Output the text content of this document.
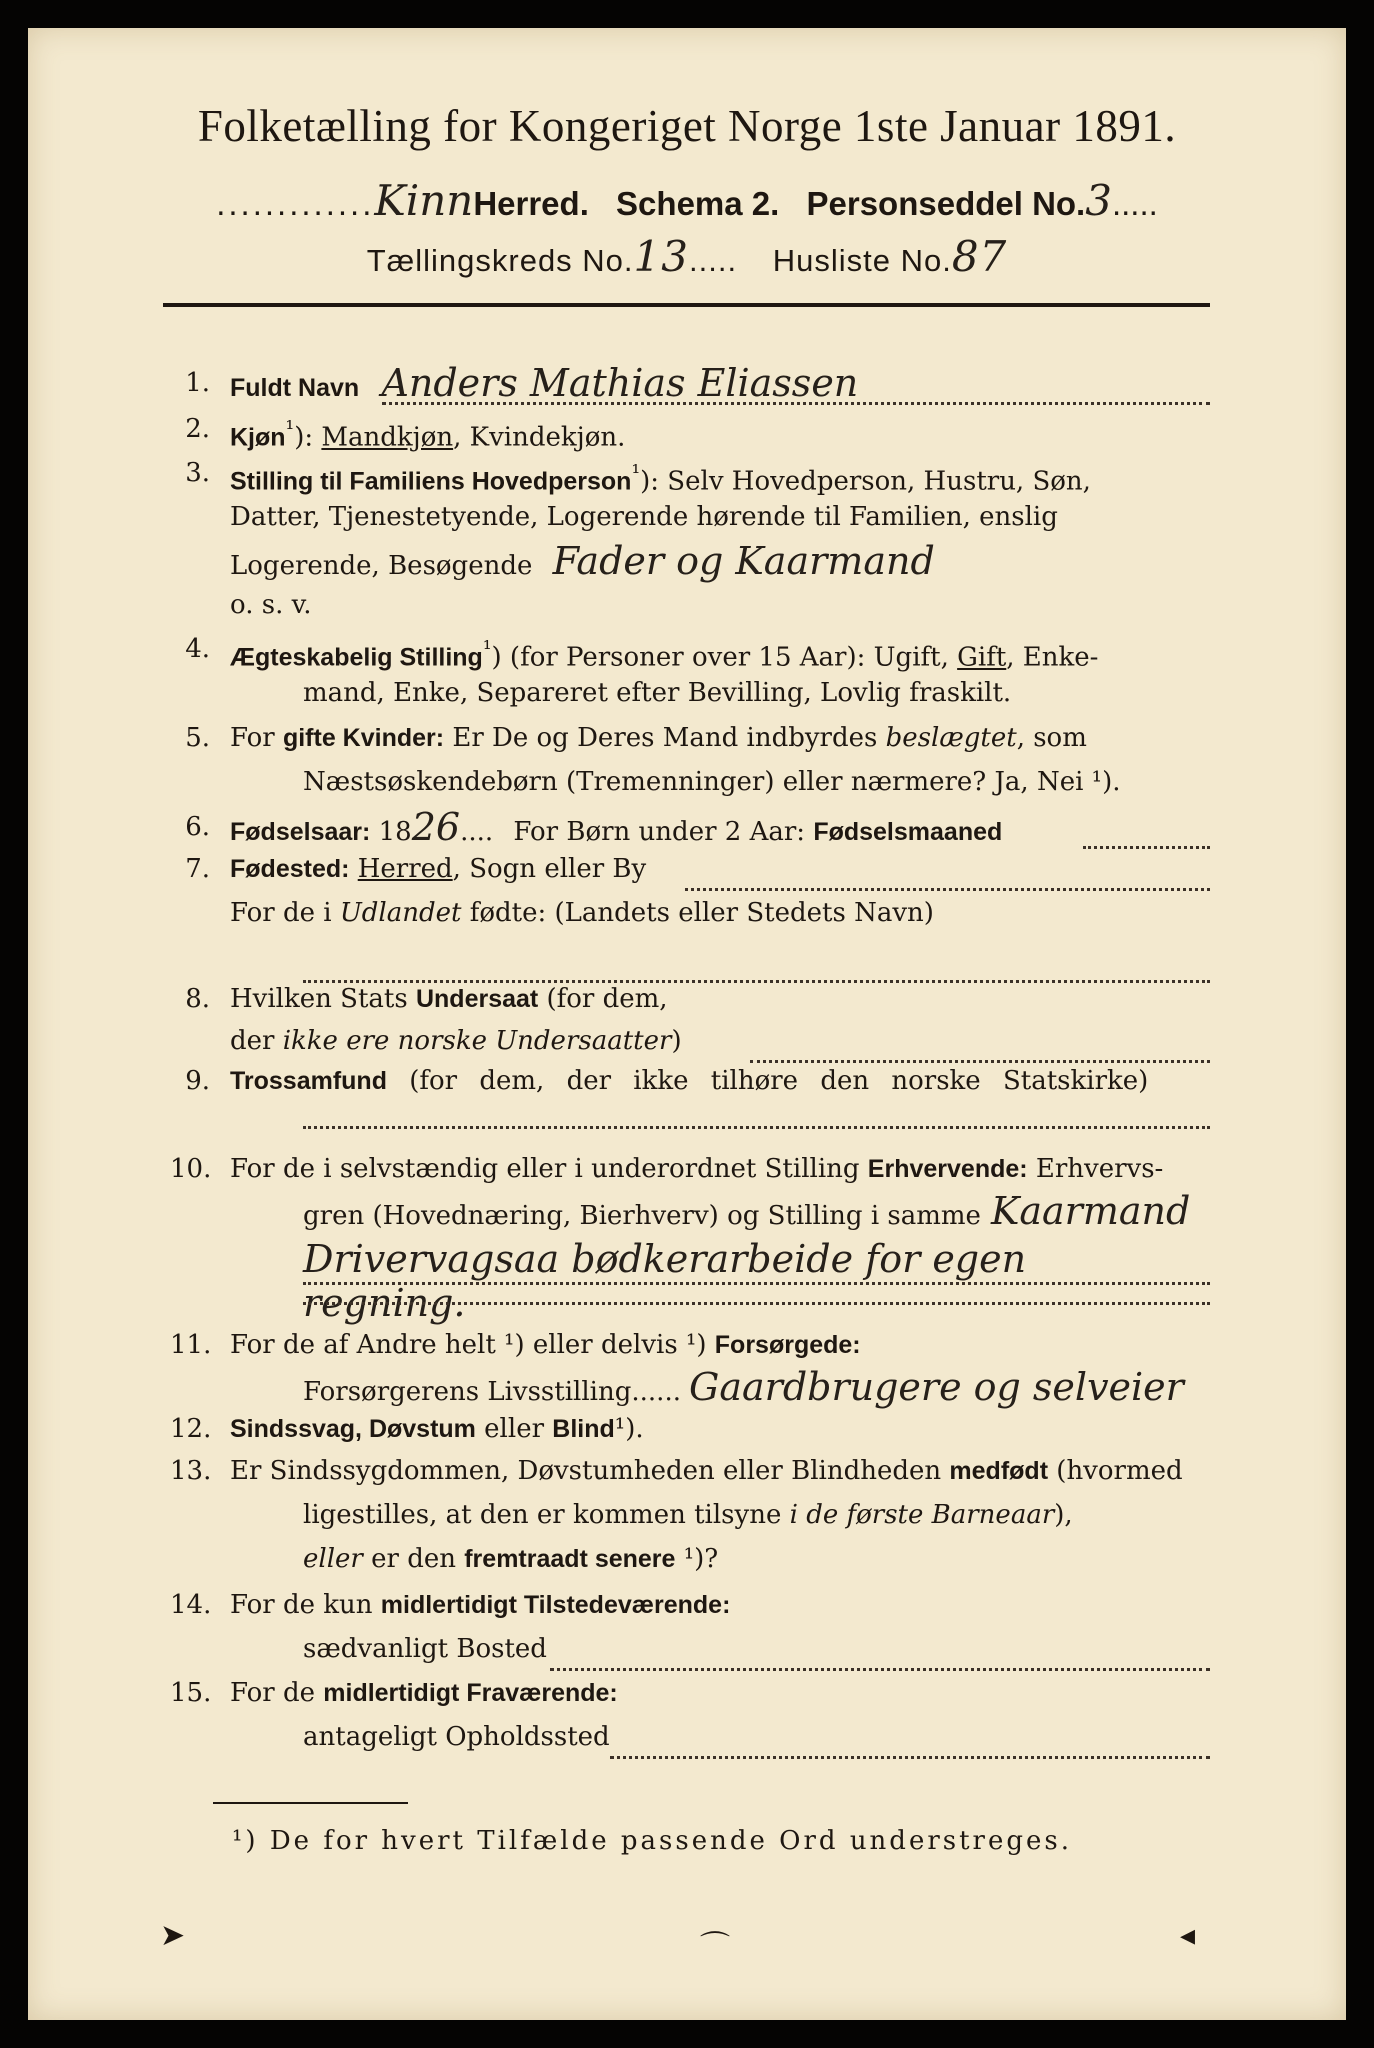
Folketælling for Kongeriget Norge 1ste Januar 1891.
.............KinnHerred. Schema 2. Personseddel No.3.....
Tællingskreds No.13..... Husliste No.87
1. Fuldt Navn Anders Mathias Eliassen
2. Kjøn$^{^1}$): Mandkjøn, Kvindekjøn.
3. Stilling til Familiens Hovedperson$^{^1}$): Selv Hovedperson, Hustru, Søn,
Datter, Tjenestetyende, Logerende hørende til Familien, enslig
Logerende, Besøgende Fader og Kaarmand
o. s. v.
4. Ægteskabelig Stilling$^{^1}$) (for Personer over 15 Aar): Ugift, Gift, Enke-
mand, Enke, Separeret efter Bevilling, Lovlig fraskilt.
5. For gifte Kvinder: Er De og Deres Mand indbyrdes beslægtet, som
Næstsøskendebørn (Tremenninger) eller nærmere? Ja, Nei ¹).
6. Fødselsaar: 1826.... For Børn under 2 Aar: Fødselsmaaned
7. Fødested: Herred, Sogn eller By
For de i Udlandet fødte: (Landets eller Stedets Navn)
8. Hvilken Stats Undersaat (for dem,
der ikke ere norske Undersaatter)
9. Trossamfund (for dem, der ikke tilhøre den norske Statskirke)
10. For de i selvstændig eller i underordnet Stilling Erhvervende: Erhvervs-
gren (Hovednæring, Bierhverv) og Stilling i samme Kaarmand
Drivervagsaa bødkerarbeide for egen
regning.
11. For de af Andre helt ¹) eller delvis ¹) Forsørgede:
Forsørgerens Livsstilling...... Gaardbrugere og selveier
12. Sindssvag, Døvstum eller Blind¹).
13. Er Sindssygdommen, Døvstumheden eller Blindheden medfødt (hvormed
ligestilles, at den er kommen tilsyne i de første Barneaar),
eller er den fremtraadt senere ¹)?
14. For de kun midlertidigt Tilstedeværende:
sædvanligt Bosted
15. For de midlertidigt Fraværende:
antageligt Opholdssted
¹) De for hvert Tilfælde passende Ord understreges.
➤	⌒	◂
